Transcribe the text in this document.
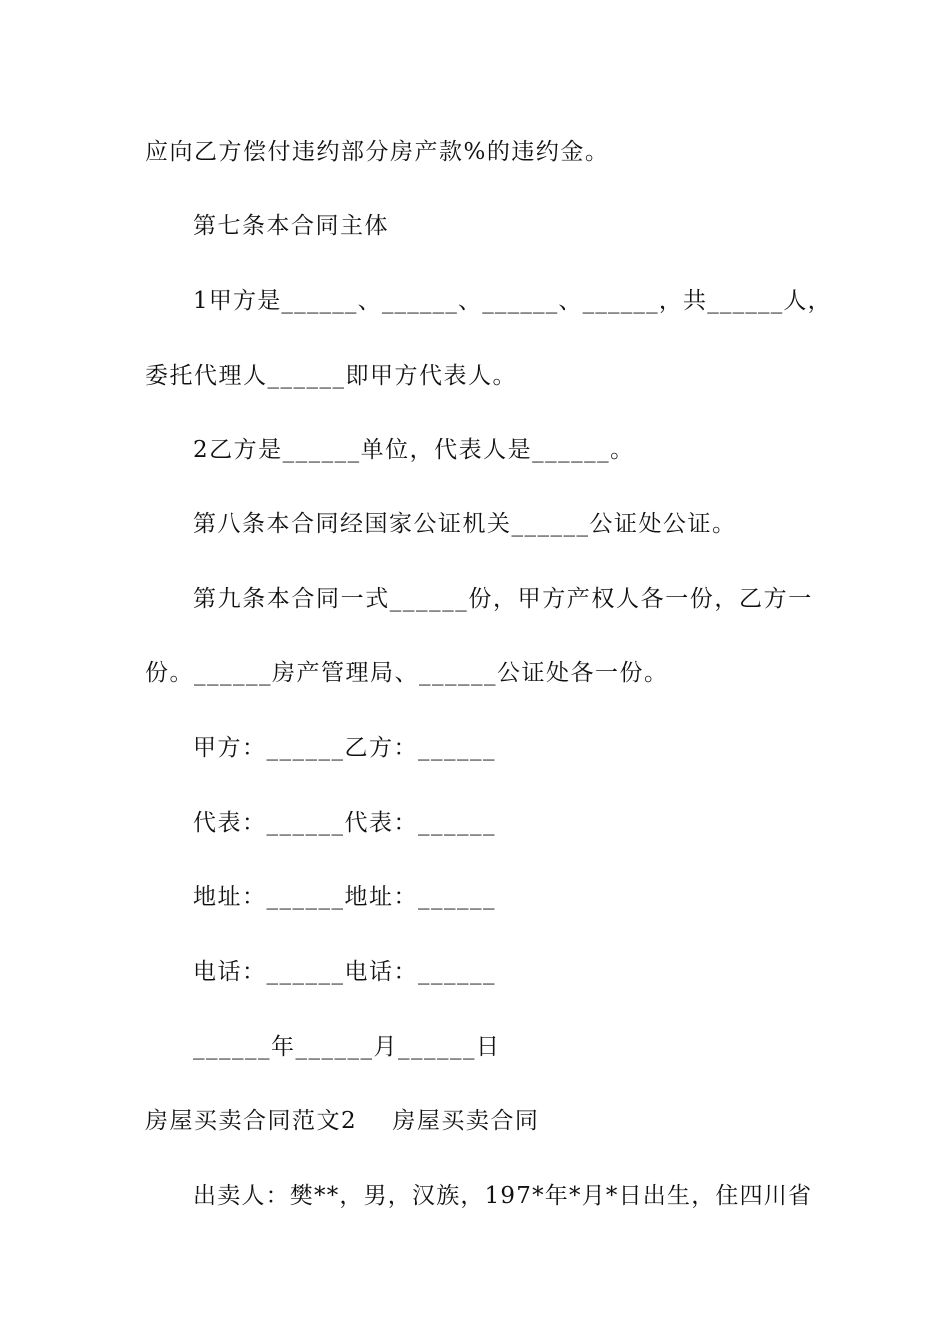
应向乙方偿付违约部分房产款%的违约金。
第七条本合同主体
1甲方是______、______、______、______，共______人，
委托代理人______即甲方代表人。
2乙方是______单位，代表人是______。
第八条本合同经国家公证机关______公证处公证。
第九条本合同一式______份，甲方产权人各一份，乙方一
份。______房产管理局、______公证处各一份。
甲方：______乙方：______
代表：______代表：______
地址：______地址：______
电话：______电话：______
______年______月______日
房屋买卖合同范文2    房屋买卖合同
出卖人：樊**，男，汉族，197*年*月*日出生，住四川省
